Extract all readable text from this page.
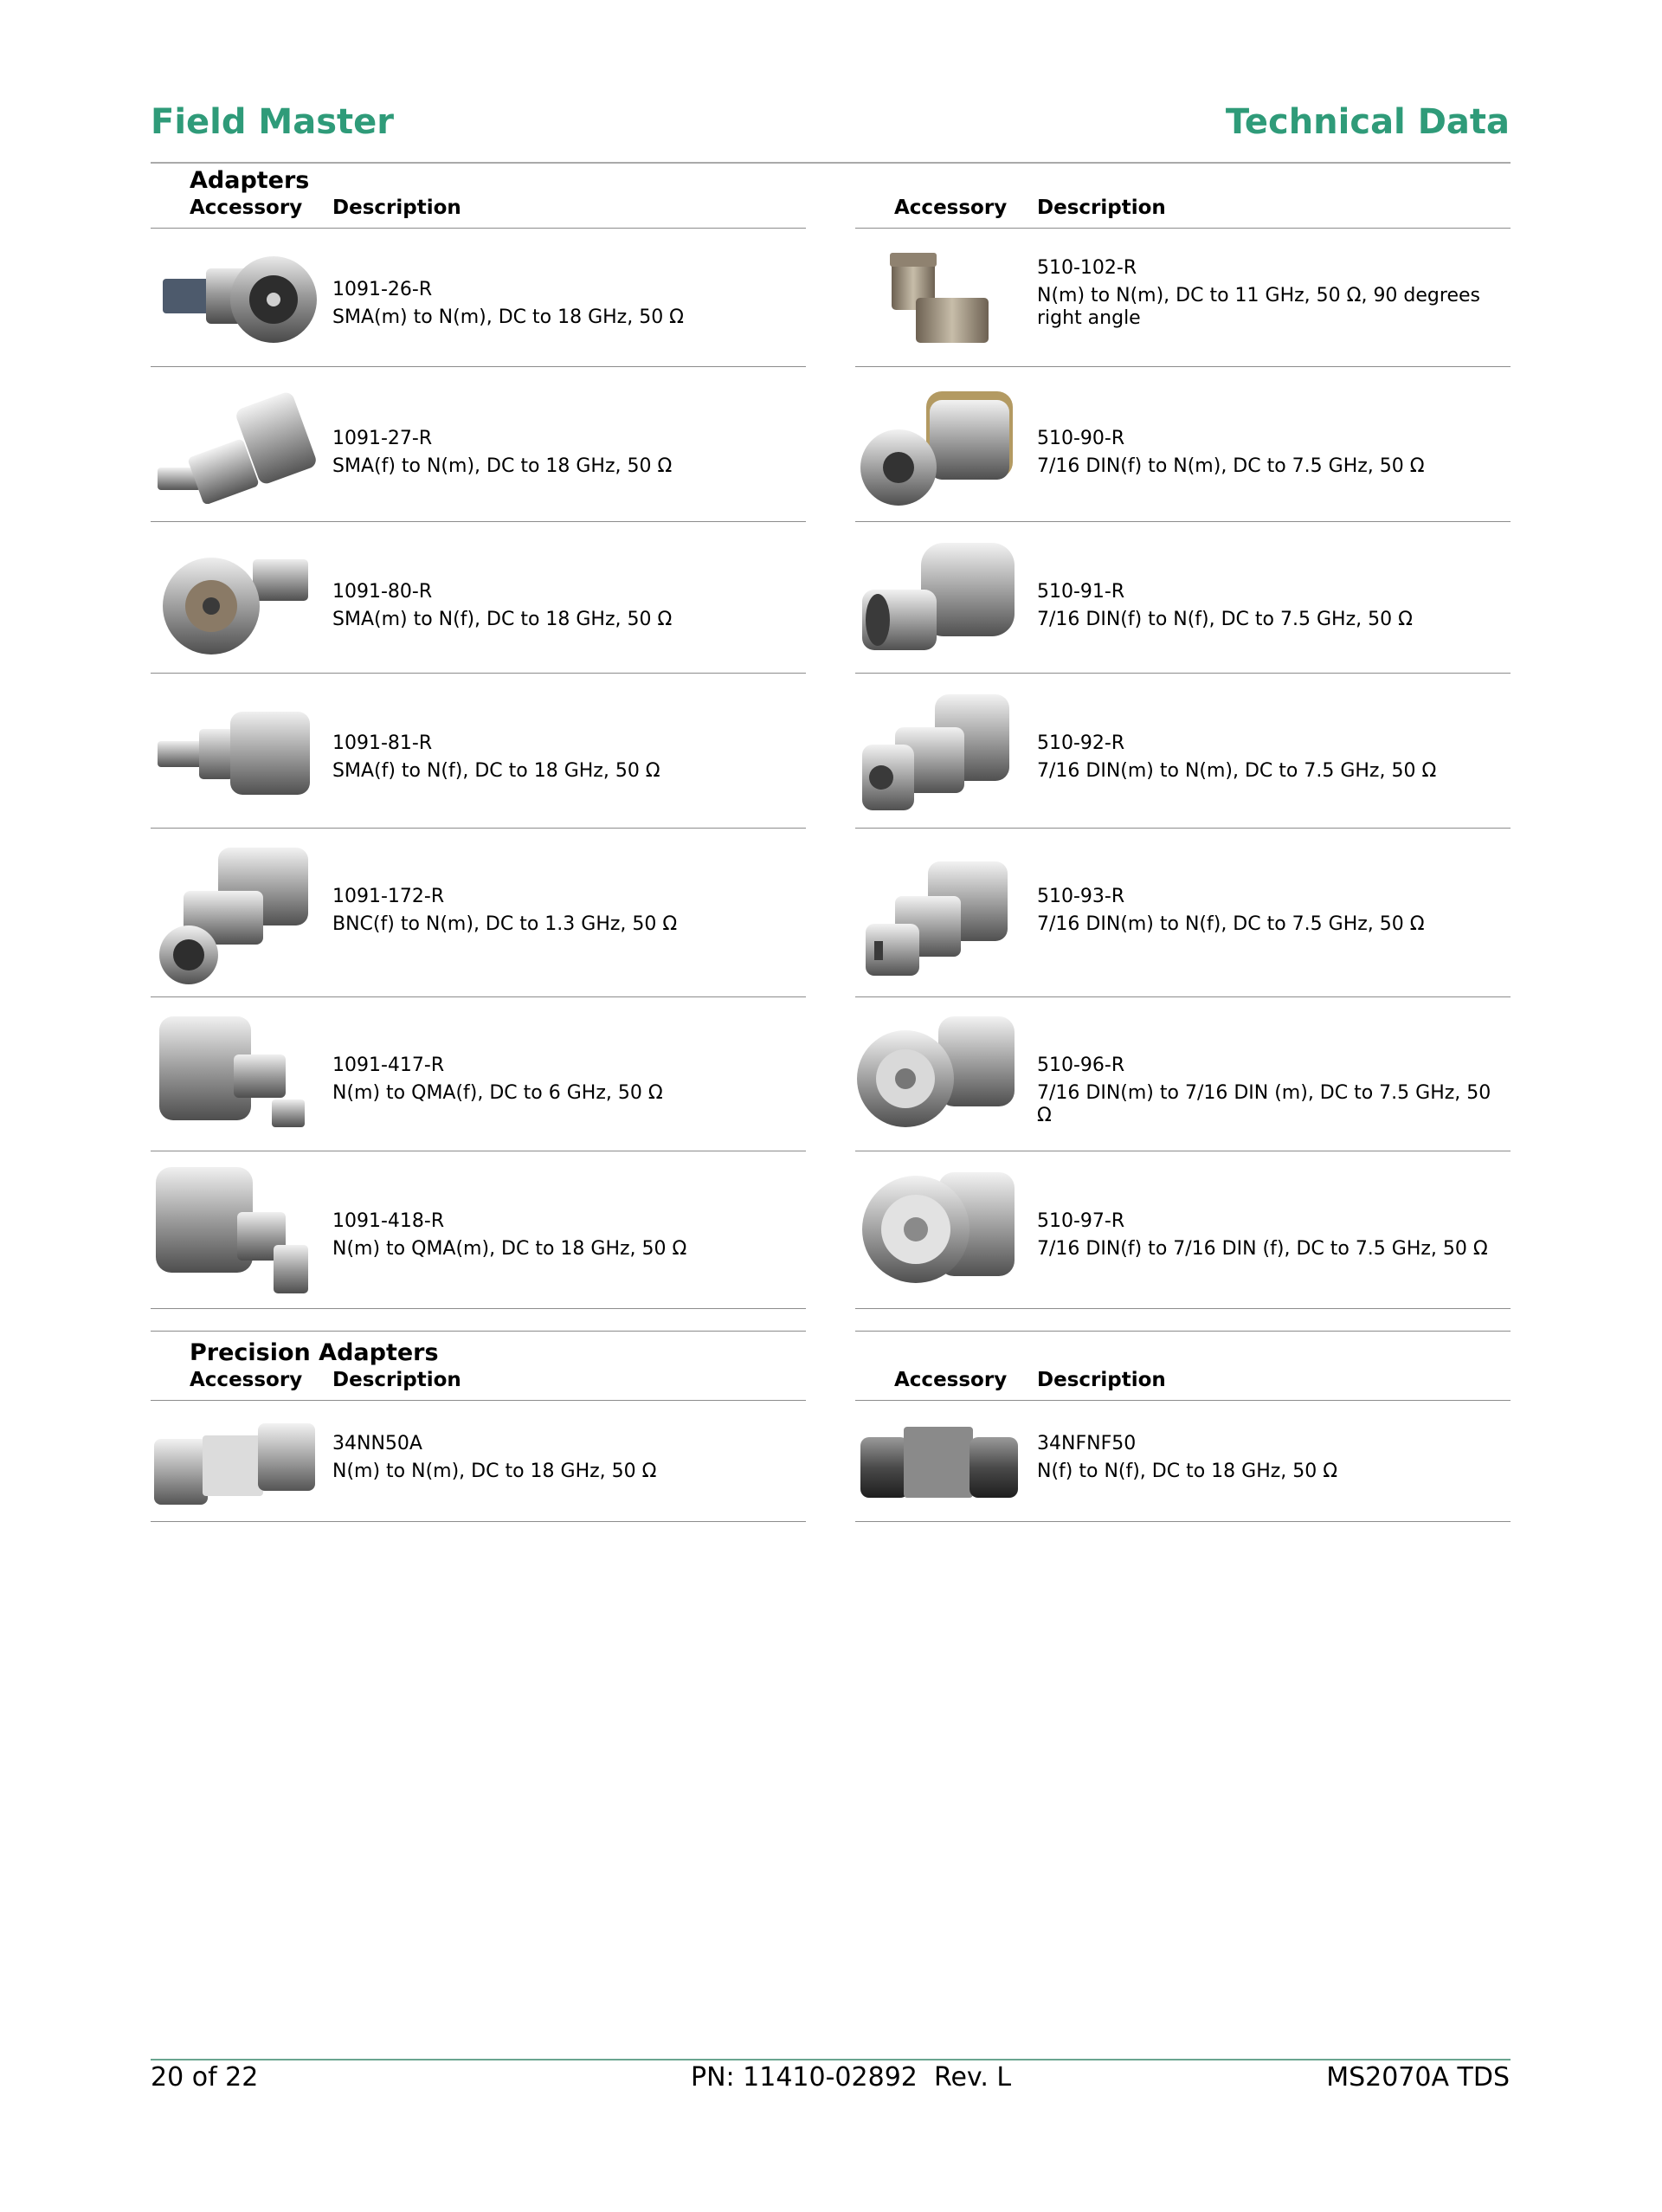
Field Master	Technical Data
Adapters
Accessory Description
1091-26-R
SMA(m) to N(m), DC to 18 GHz, 50 Ω
1091-27-R
SMA(f) to N(m), DC to 18 GHz, 50 Ω
1091-80-R
SMA(m) to N(f), DC to 18 GHz, 50 Ω
1091-81-R
SMA(f) to N(f), DC to 18 GHz, 50 Ω
1091-172-R
BNC(f) to N(m), DC to 1.3 GHz, 50 Ω
1091-417-R
N(m) to QMA(f), DC to 6 GHz, 50 Ω
1091-418-R
N(m) to QMA(m), DC to 18 GHz, 50 Ω
Accessory Description
510-102-R
N(m) to N(m), DC to 11 GHz, 50 Ω, 90 degrees right angle
510-90-R
7/16 DIN(f) to N(m), DC to 7.5 GHz, 50 Ω
510-91-R
7/16 DIN(f) to N(f), DC to 7.5 GHz, 50 Ω
510-92-R
7/16 DIN(m) to N(m), DC to 7.5 GHz, 50 Ω
510-93-R
7/16 DIN(m) to N(f), DC to 7.5 GHz, 50 Ω
510-96-R
7/16 DIN(m) to 7/16 DIN (m), DC to 7.5 GHz, 50 Ω
510-97-R
7/16 DIN(f) to 7/16 DIN (f), DC to 7.5 GHz, 50 Ω
Precision Adapters
Accessory Description
34NN50A
N(m) to N(m), DC to 18 GHz, 50 Ω
Accessory Description
34NFNF50
N(f) to N(f), DC to 18 GHz, 50 Ω
20 of 22	PN: 11410-02892  Rev. L	MS2070A TDS
